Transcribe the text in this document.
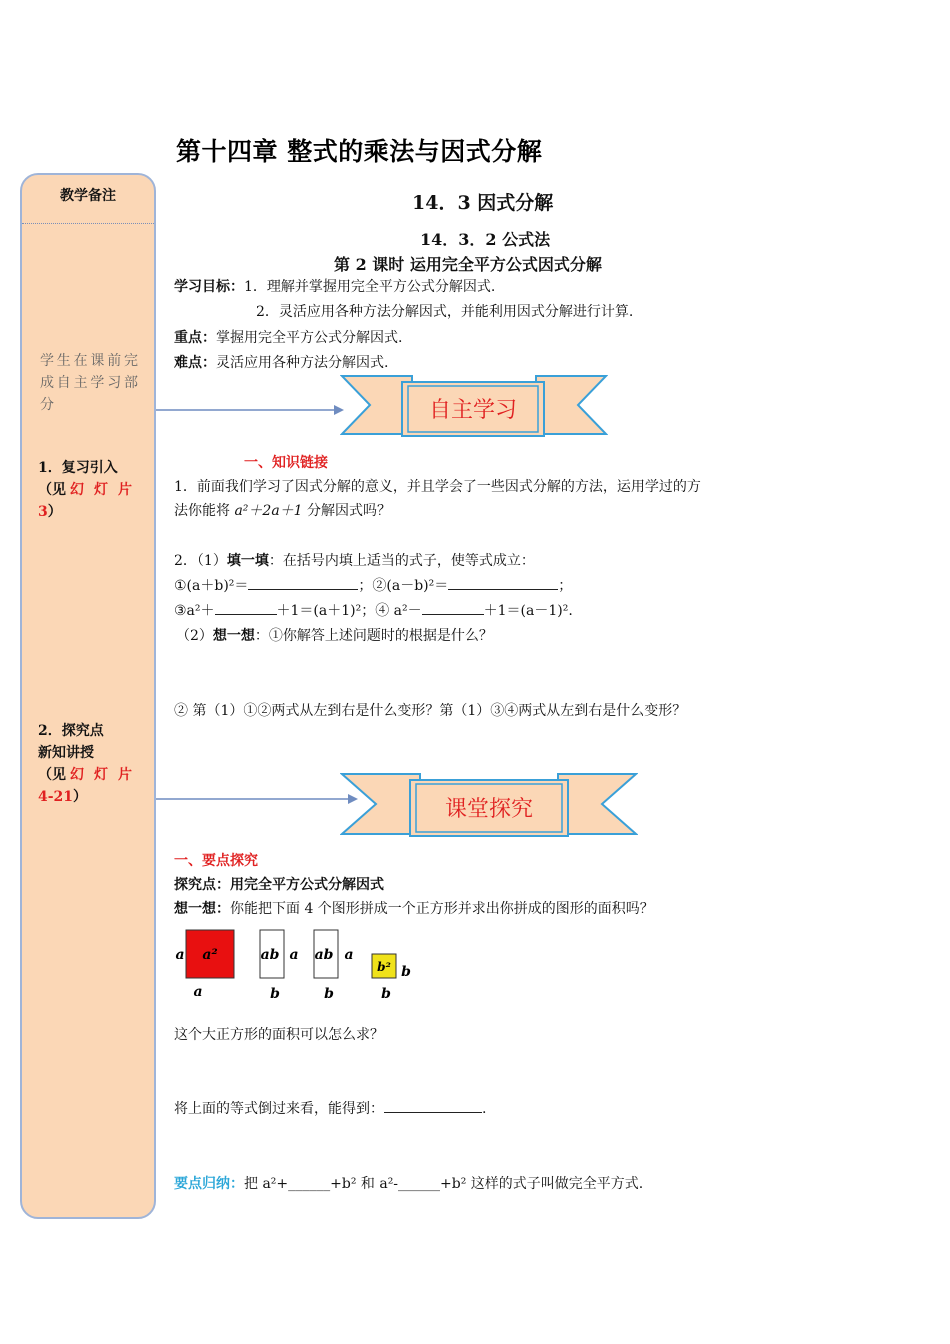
第十四章 整式的乘法与因式分解
教学备注
学生在课前完成自主学习部分
1．复习引入
（见 幻灯片
3）
2．探究点
新知讲授
（见 幻灯片
4-21）
14．3 因式分解
14．3．2 公式法
第 2 课时 运用完全平方公式因式分解
学习目标：1．理解并掌握用完全平方公式分解因式.
2．灵活应用各种方法分解因式，并能利用因式分解进行计算.
重点：掌握用完全平方公式分解因式.
难点：灵活应用各种方法分解因式.
自主学习
一、知识链接
1．前面我们学习了因式分解的意义，并且学会了一些因式分解的方法，运用学过的方
法你能将 a²＋2a＋1 分解因式吗？
2．（1）填一填：在括号内填上适当的式子，使等式成立：
①(a＋b)²＝	；②(a－b)²＝	；
③a²＋	＋1＝(a＋1)²；④ a²－	＋1＝(a－1)².
（2）想一想：①你解答上述问题时的根据是什么？
② 第（1）①②两式从左到右是什么变形？第（1）③④两式从左到右是什么变形？
课堂探究
一、要点探究
探究点：用完全平方公式分解因式
想一想：你能把下面 4 个图形拼成一个正方形并求出你拼成的图形的面积吗？
a²
a
a
ab a
b
ab a
b
b² b
b
这个大正方形的面积可以怎么求？
将上面的等式倒过来看，能得到：	.
要点归纳：把 a²+______+b² 和 a²-______+b² 这样的式子叫做完全平方式.
